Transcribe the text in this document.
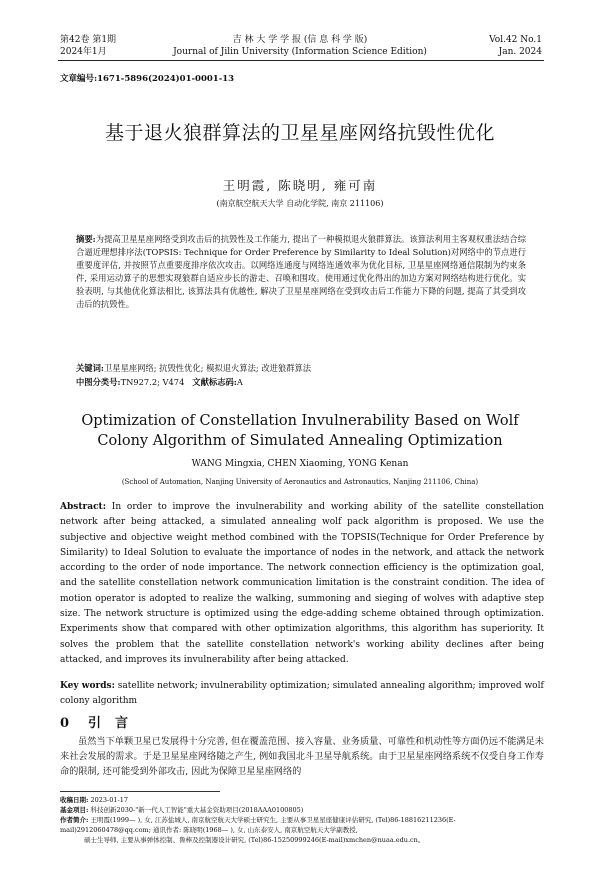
第42卷 第1期
2024年1月
吉 林 大 学 学 报 (信 息 科 学 版)
Journal of Jilin University (Information Science Edition)
Vol.42 No.1
Jan. 2024
文章编号:1671-5896(2024)01-0001-13
基于退火狼群算法的卫星星座网络抗毁性优化
王明霞, 陈晓明, 雍可南
(南京航空航天大学 自动化学院, 南京 211106)
摘要:为提高卫星星座网络受到攻击后的抗毁性及工作能力, 提出了一种模拟退火狼群算法。该算法利用主客观权重法结合综合逼近理想排序法(TOPSIS: Technique for Order Preference by Similarity to Ideal Solution)对网络中的节点进行重要度评估, 并按照节点重要度排序依次攻击。以网络连通度与网络连通效率为优化目标, 卫星星座网络通信限制为约束条件, 采用运动算子的思想实现狼群自适应步长的游走、召唤和围攻。使用通过优化得出的加边方案对网络结构进行优化。实验表明, 与其他优化算法相比, 该算法具有优越性, 解决了卫星星座网络在受到攻击后工作能力下降的问题, 提高了其受到攻击后的抗毁性。
关键词:卫星星座网络; 抗毁性优化; 模拟退火算法; 改进狼群算法
中图分类号:TN927.2; V474 文献标志码:A
Optimization of Constellation Invulnerability Based on Wolf
Colony Algorithm of Simulated Annealing Optimization
WANG Mingxia, CHEN Xiaoming, YONG Kenan
(School of Automation, Nanjing University of Aeronautics and Astronautics, Nanjing 211106, China)
Abstract: In order to improve the invulnerability and working ability of the satellite constellation network after being attacked, a simulated annealing wolf pack algorithm is proposed. We use the subjective and objective weight method combined with the TOPSIS(Technique for Order Preference by Similarity) to Ideal Solution to evaluate the importance of nodes in the network, and attack the network according to the order of node importance. The network connection efficiency is the optimization goal, and the satellite constellation network communication limitation is the constraint condition. The idea of motion operator is adopted to realize the walking, summoning and sieging of wolves with adaptive step size. The network structure is optimized using the edge-adding scheme obtained through optimization. Experiments show that compared with other optimization algorithms, this algorithm has superiority. It solves the problem that the satellite constellation network's working ability declines after being attacked, and improves its invulnerability after being attacked.
Key words: satellite network; invulnerability optimization; simulated annealing algorithm; improved wolf colony algorithm
0 引言
虽然当下单颗卫星已发展得十分完善, 但在覆盖范围、接入容量、业务质量、可靠性和机动性等方面仍远不能满足未来社会发展的需求。于是卫星星座网络随之产生, 例如我国北斗卫星导航系统。由于卫星星座网络系统不仅受自身工作寿命的限制, 还可能受到外部攻击, 因此为保障卫星星座网络的
收稿日期: 2023-01-17
基金项目: 科技创新2030-"新一代人工智能"重大基金资助项目(2018AAA0100805)
作者简介: 王明霞(1999— ), 女, 江苏盐城人, 南京航空航天大学硕士研究生, 主要从事卫星星座健康评估研究, (Tel)86-18816211236(E-mail)2912060478@qq.com; 通讯作者: 陈晓明(1968— ), 女, 山东泰安人, 南京航空航天大学副教授,
硕士生导师, 主要从事弹体控制、鲁棒及控制器设计研究, (Tel)86-15250999246(E-mail)xmchen@nuaa.edu.cn。
